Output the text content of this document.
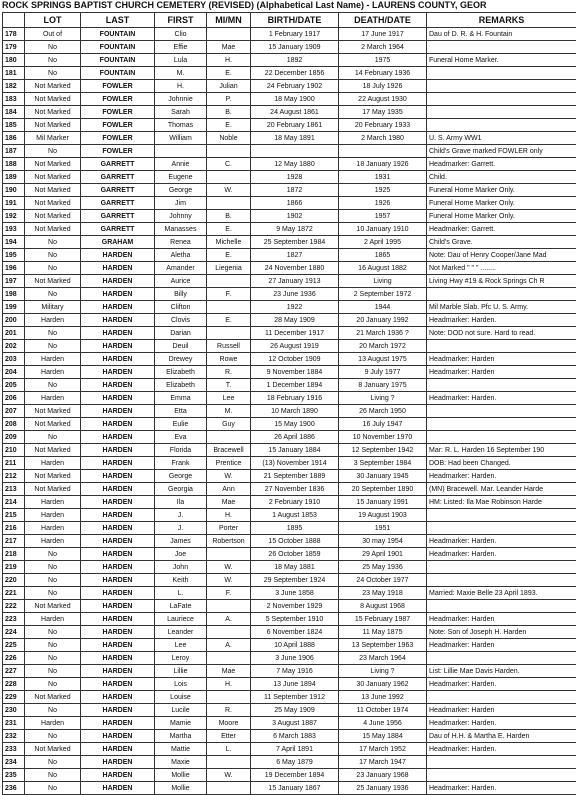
ROCK SPRINGS BAPTIST CHURCH CEMETERY (REVISED) (Alphabetical Last Name) - LAURENS COUNTY, GEOR
	LOT	LAST	FIRST	MI/MN	BIRTH/DATE	DEATH/DATE	REMARKS
178	Out of	FOUNTAIN	Clio		1 February 1917	17 June 1917	Dau of D. R. & H. Fountain
179	No	FOUNTAIN	Effie	Mae	15 January 1909	2 March 1964	
180	No	FOUNTAIN	Lula	H.	1892	1975	Funeral Home Marker.
181	No	FOUNTAIN	M.	E.	22 December 1856	14 February 1936	
182	Not Marked	FOWLER	H.	Julian	24 February 1902	18 July 1926	
183	Not Marked	FOWLER	Johnnie	P.	18 May 1900	22 August 1930	
184	Not Marked	FOWLER	Sarah	B.	24 August 1861	17 May 1935	
185	Not Marked	FOWLER	Thomas	E.	20 February 1861	20 February 1933	
186	Mil Marker	FOWLER	William	Noble	18 May 1891	2 March 1980	U. S. Army WW1
187	No	FOWLER					Child's Grave marked FOWLER only
188	Not Marked	GARRETT	Annie	C.	12 May 1880	18 January 1926	Headmarker: Garrett.
189	Not Marked	GARRETT	Eugene		1928	1931	Child.
190	Not Marked	GARRETT	George	W.	1872	1925	Funeral Home Marker Only.
191	Not Marked	GARRETT	Jim		1866	1926	Funeral Home Marker Only.
192	Not Marked	GARRETT	Johnny	B.	1902	1957	Funeral Home Marker Only.
193	Not Marked	GARRETT	Manasses	E.	9 May 1872	10 January 1910	Headmarker: Garrett.
194	No	GRAHAM	Renea	Michelle	25 September 1984	2 April 1995	Child's Grave.
195	No	HARDEN	Aletha	E.	1827	1865	Note: Dau of Henry Cooper/Jane Mad
196	No	HARDEN	Amander	Liegenia	24 November 1880	16 August 1882	Not Marked " " " ........
197	Not Marked	HARDEN	Aurice		27 January 1913	Living	Living Hwy #19 & Rock Springs Ch R
198	No	HARDEN	Billy	F.	23 June 1936	2 September 1972	
199	Military	HARDEN	Clifton		1922	1944	Mil Marble Slab. Pfc U. S. Army.
200	Harden	HARDEN	Clovis	E.	28 May 1909	20 January 1992	Headmarker: Harden.
201	No	HARDEN	Darian		11 December 1917	21 March 1936 ?	Note: DOD not sure. Hard to read.
202	No	HARDEN	Deuil	Russell	26 August 1919	20 March 1972	
203	Harden	HARDEN	Drewey	Rowe	12 October 1909	13 August 1975	Headmarker: Harden
204	Harden	HARDEN	Elizabeth	R.	9 November 1884	9 July 1977	Headmarker: Harden
205	No	HARDEN	Elizabeth	T.	1 December 1894	8 January 1975	
206	Harden	HARDEN	Emma	Lee	18 February 1916	Living ?	Headmarker: Harden.
207	Not Marked	HARDEN	Etta	M.	10 March 1890	26 March 1950	
208	Not Marked	HARDEN	Eulie	Guy	15 May 1900	16 July 1947	
209	No	HARDEN	Eva		26 April 1886	10 November 1970	
210	Not Marked	HARDEN	Florida	Bracewell	15 January 1884	12 September 1942	Mar: R. L. Harden 16 September 190
211	Harden	HARDEN	Frank	Prentice	(13) November 1914	3 September 1984	DOB: Had been Changed.
212	Not Marked	HARDEN	George	W.	21 September 1889	30 January 1945	Headmarker: Harden.
213	Not Marked	HARDEN	Georgia	Ann	27 November 1836	20 September 1890	(MN) Bracewell. Mar. Leander Harde
214	Harden	HARDEN	Ila	Mae	2 February 1910	15 January 1991	HM: Listed: Ila Mae Robinson Harde
215	Harden	HARDEN	J.	H.	1 August 1853	19 August 1903	
216	Harden	HARDEN	J.	Porter	1895	1951	
217	Harden	HARDEN	James	Robertson	15 October 1888	30 may 1954	Headmarker: Harden.
218	No	HARDEN	Joe		26 October 1859	29 April 1901	Headmarker: Harden.
219	No	HARDEN	John	W.	18 May 1881	25 May 1936	
220	No	HARDEN	Keith	W.	29 September 1924	24 October 1977	
221	No	HARDEN	L.	F.	3 June 1858	23 May 1918	Married: Maxie Belle 23 April 1893.
222	Not Marked	HARDEN	LaFate		2 November 1929	8 August 1968	
223	Harden	HARDEN	Lauriece	A.	5 September 1910	15 February 1987	Headmarker: Harden
224	No	HARDEN	Leander		6 November 1824	11 May 1875	Note: Son of Joseph H. Harden
225	No	HARDEN	Lee	A.	10 April 1888	13 September 1963	Headmarker: Harden
226	No	HARDEN	Leroy		3 June 1906	23 March 1964	
227	No	HARDEN	Lillie	Mae	7 May 1916	Living ?	List: Lillie Mae Davis Harden.
228	No	HARDEN	Lois	H.	13 June 1894	30 January 1962	Headmarker: Harden.
229	Not Marked	HARDEN	Louise		11 September 1912	13 June 1992	
230	No	HARDEN	Lucile	R.	25 May 1909	11 October 1974	Headmarker: Harden
231	Harden	HARDEN	Mamie	Moore	3 August 1887	4 June 1956	Headmarker: Harden.
232	No	HARDEN	Martha	Etter	6 March 1883	15 May 1884	Dau of H.H. & Martha E. Harden
233	Not Marked	HARDEN	Mattie	L.	7 April 1891	17 March 1952	Headmarker: Harden.
234	No	HARDEN	Maxie		6 May 1879	17 March 1947	
235	No	HARDEN	Mollie	W.	19 December 1894	23 January 1968	
236	No	HARDEN	Mollie		15 January 1867	25 January 1936	Headmarker: Harden.
